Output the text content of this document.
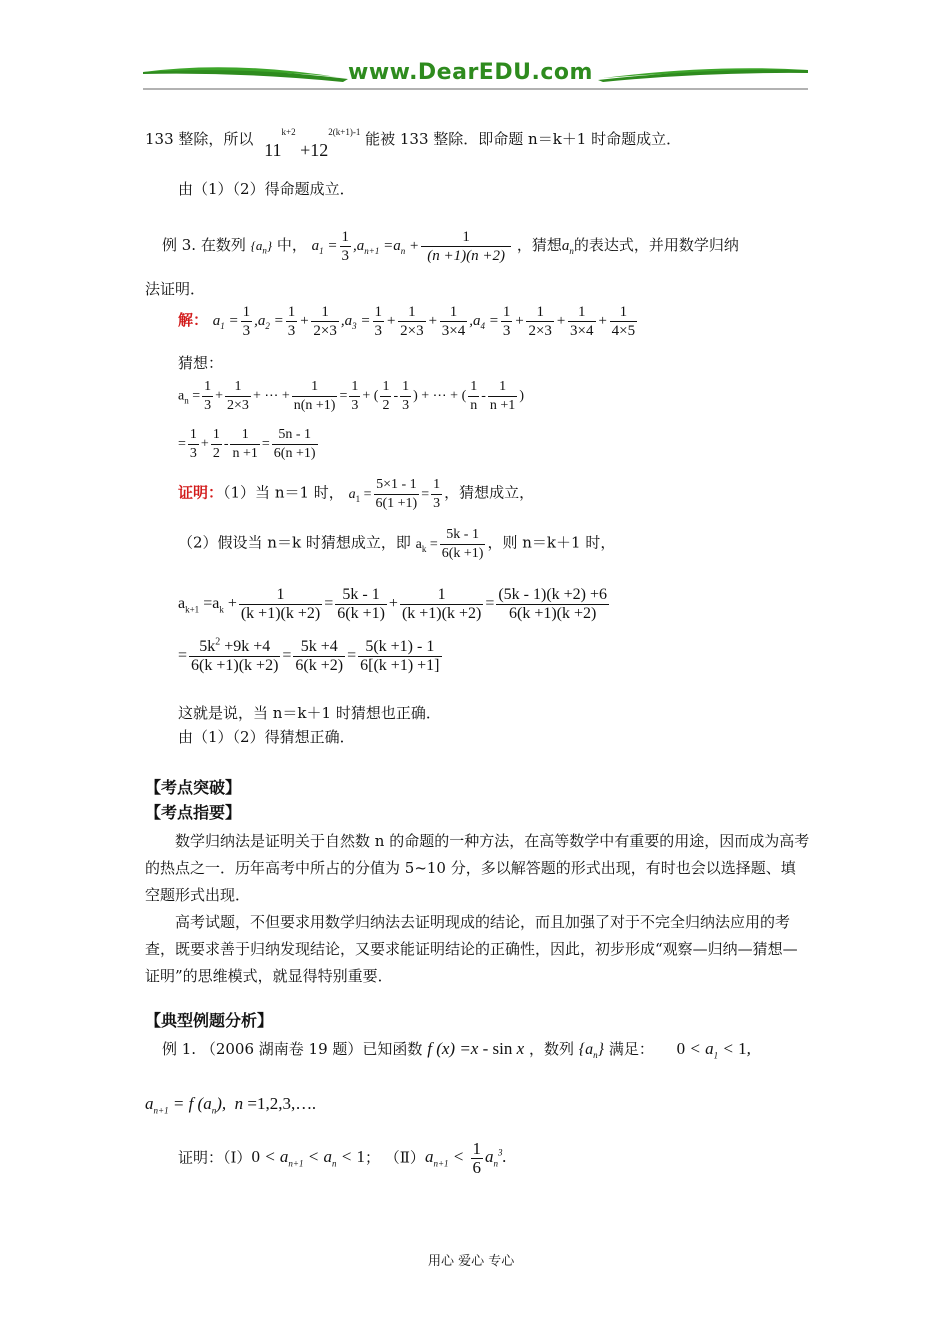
www.DearEDU.com
133 整除，所以 $11^{k+2} +12^{2(k+1)-1}$ 能被 133 整除．即命题 n＝k＋1 时命题成立．
由（1）（2）得命题成立．
例 3. 在数列 $\{a_n\}$ 中， $a_1 = \frac{1}{3} ,a_{n+1} =a_n + \frac{1}{(n +1)(n +2)}$ ，猜想$a_n$的表达式，并用数学归纳
法证明．
解： $a_1 = \frac{1}{3} ,a_2 = \frac{1}{3} + \frac{1}{2\times 3} ,a_3 = \frac{1}{3} + \frac{1}{2\times 3} + \frac{1}{3\times 4} ,a_4 = \frac{1}{3} + \frac{1}{2\times 3} + \frac{1}{3\times 4} + \frac{1}{4\times 5}$
猜想：
$a_n = \frac{1}{3} + \frac{1}{2\times 3}$ + ⋯ + $\frac{1}{n(n +1)} = \frac{1}{3}$ + ( $\frac{1}{2} - \frac{1}{3}$ ) + ⋯ + ( $\frac{1}{n} - \frac{1}{n +1}$ )
= $\frac{1}{3} + \frac{1}{2} - \frac{1}{n +1} = \frac{5n - 1}{6(n +1)}$
证明：（1）当 n＝1 时， $a_1 = \frac{5\times 1 - 1}{6(1 +1)} = \frac{1}{3}$ ，猜想成立，
（2）假设当 n＝k 时猜想成立，即 $a_k = \frac{5k - 1}{6(k +1)}$ ，则 n＝k＋1 时，
$a_{k+1} =a_k + \frac{1}{(k +1)(k +2)} = \frac{5k - 1}{6(k +1)} + \frac{1}{(k +1)(k +2)} = \frac{(5k - 1)(k +2) +6}{6(k +1)(k +2)}$
= $\frac{5k^2 +9k +4}{6(k +1)(k +2)} = \frac{5k +4}{6(k +2)} = \frac{5(k +1) - 1}{6[(k +1) +1]}$
这就是说，当 n＝k＋1 时猜想也正确．
由（1）（2）得猜想正确．
【考点突破】
【考点指要】

数学归纳法是证明关于自然数 n 的命题的一种方法，在高等数学中有重要的用途，因而成为高考的热点之一．历年高考中所占的分值为 5~10 分，多以解答题的形式出现，有时也会以选择题、填空题形式出现．

高考试题，不但要求用数学归纳法去证明现成的结论，而且加强了对于不完全归纳法应用的考查，既要求善于归纳发现结论，又要求能证明结论的正确性，因此，初步形成“观察—归纳—猜想—证明”的思维模式，就显得特别重要．

【典型例题分析】
例 1. （2006 湖南卷 19 题）已知函数 f (x) =x - sin x ，数列 $\{a_n\}$ 满足： $0 < a_1 < 1$,
$a_{n+1} = f$ $(a_n)$,  n =1,2,3,….
证明：（Ⅰ）0 < $a_{n+1} < a_n < 1$； $(Ⅱ)a_{n+1} < \frac{1}{6} a_n^3$.
用心 爱心 专心
